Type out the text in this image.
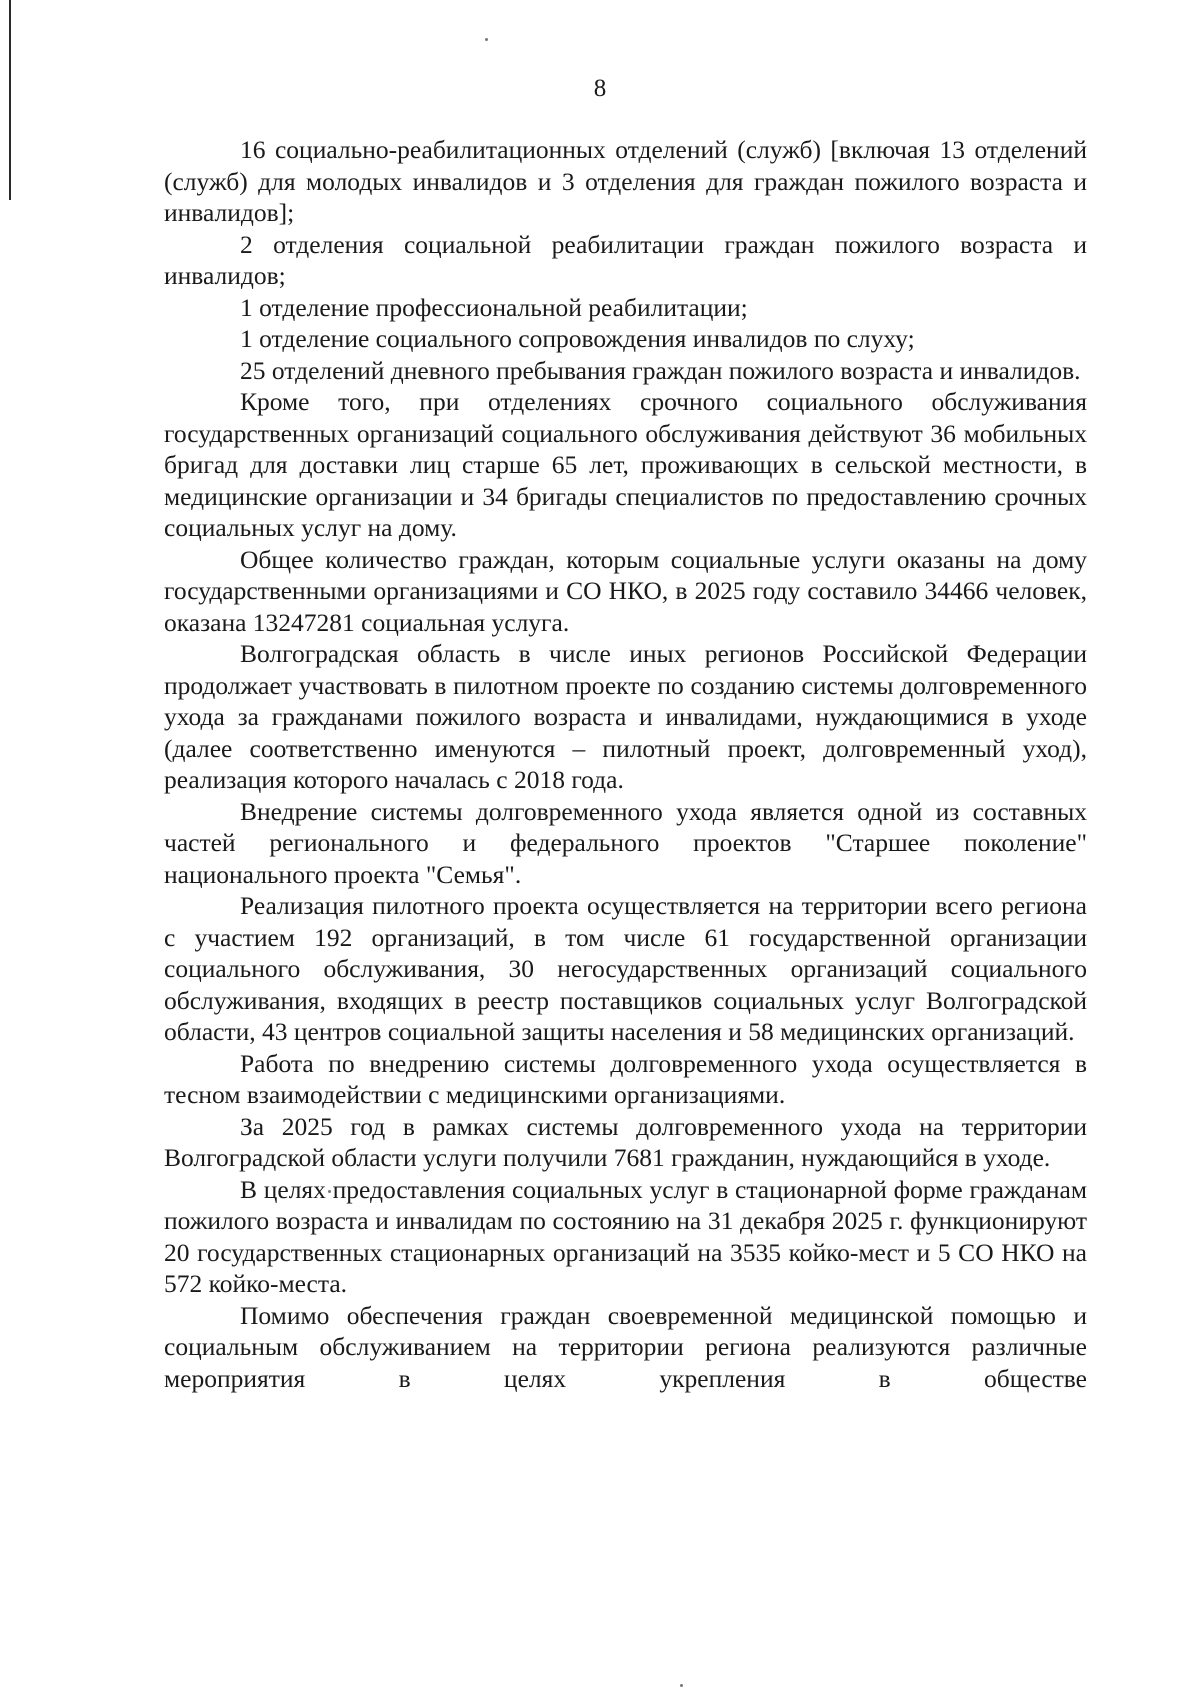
8

16 социально-реабилитационных отделений (служб) [включая 13 отделений (служб) для молодых инвалидов и 3 отделения для граждан пожилого возраста и инвалидов];

2 отделения социальной реабилитации граждан пожилого возраста и инвалидов;

1 отделение профессиональной реабилитации;

1 отделение социального сопровождения инвалидов по слуху;

25 отделений дневного пребывания граждан пожилого возраста и инвалидов.

Кроме того, при отделениях срочного социального обслуживания государственных организаций социального обслуживания действуют 36 мобильных бригад для доставки лиц старше 65 лет, проживающих в сельской местности, в медицинские организации и 34 бригады специалистов по предоставлению срочных социальных услуг на дому.

Общее количество граждан, которым социальные услуги оказаны на дому государственными организациями и СО НКО, в 2025 году составило 34466 человек, оказана 13247281 социальная услуга.

Волгоградская область в числе иных регионов Российской Федерации продолжает участвовать в пилотном проекте по созданию системы долговременного ухода за гражданами пожилого возраста и инвалидами, нуждающимися в уходе (далее соответственно именуются – пилотный проект, долговременный уход), реализация которого началась с 2018 года.

Внедрение системы долговременного ухода является одной из составных частей регионального и федерального проектов "Старшее поколение" национального проекта "Семья".

Реализация пилотного проекта осуществляется на территории всего региона с участием 192 организаций, в том числе 61 государственной организации социального обслуживания, 30 негосударственных организаций социального обслуживания, входящих в реестр поставщиков социальных услуг Волгоградской области, 43 центров социальной защиты населения и 58 медицинских организаций.

Работа по внедрению системы долговременного ухода осуществляется в тесном взаимодействии с медицинскими организациями.

За 2025 год в рамках системы долговременного ухода на территории Волгоградской области услуги получили 7681 гражданин, нуждающийся в уходе.

В целях предоставления социальных услуг в стационарной форме гражданам пожилого возраста и инвалидам по состоянию на 31 декабря 2025 г. функционируют 20 государственных стационарных организаций на 3535 койко-мест и 5 СО НКО на 572 койко-места.

Помимо обеспечения граждан своевременной медицинской помощью и социальным обслуживанием на территории региона реализуются различные мероприятия в целях укрепления в обществе
